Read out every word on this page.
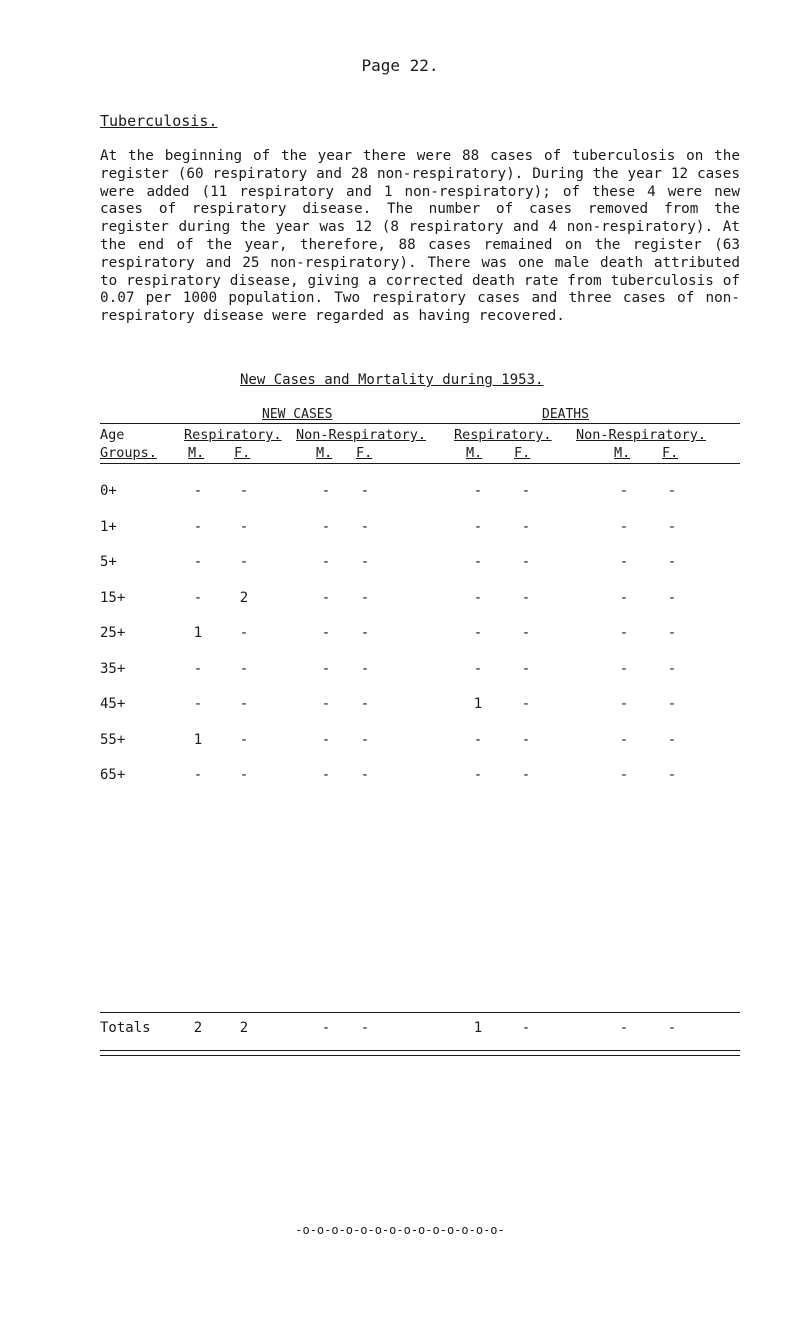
Page 22.
Tuberculosis.

At the beginning of the year there were 88 cases of tuberculosis on the register (60 respiratory and 28 non-respiratory). During the year 12 cases were added (11 respiratory and 1 non-respiratory); of these 4 were new cases of respiratory disease. The number of cases removed from the register during the year was 12 (8 respiratory and 4 non-respiratory). At the end of the year, therefore, 88 cases remained on the register (63 respiratory and 25 non-respiratory). There was one male death attributed to respiratory disease, giving a corrected death rate from tuberculosis of 0.07 per 1000 population. Two respiratory cases and three cases of non-respiratory disease were regarded as having recovered.

New Cases and Mortality during 1953.
NEW CASES	DEATHS
Age
Groups.
Respiratory. Non-Respiratory. Respiratory. Non-Respiratory.
M. F.	M. F.	M. F.	M. F.
0+	-	-	-	-	-	-	-	-
1+	-	-	-	-	-	-	-	-
5+	-	-	-	-	-	-	-	-
15+	-	2	-	-	-	-	-	-
25+	1	-	-	-	-	-	-	-
35+	-	-	-	-	-	-	-	-
45+	-	-	-	-	1	-	-	-
55+	1	-	-	-	-	-	-	-
65+	-	-	-	-	-	-	-	-
Totals	2	2	-	-	1	-	-	-
-o-o-o-o-o-o-o-o-o-o-o-o-o-o-
